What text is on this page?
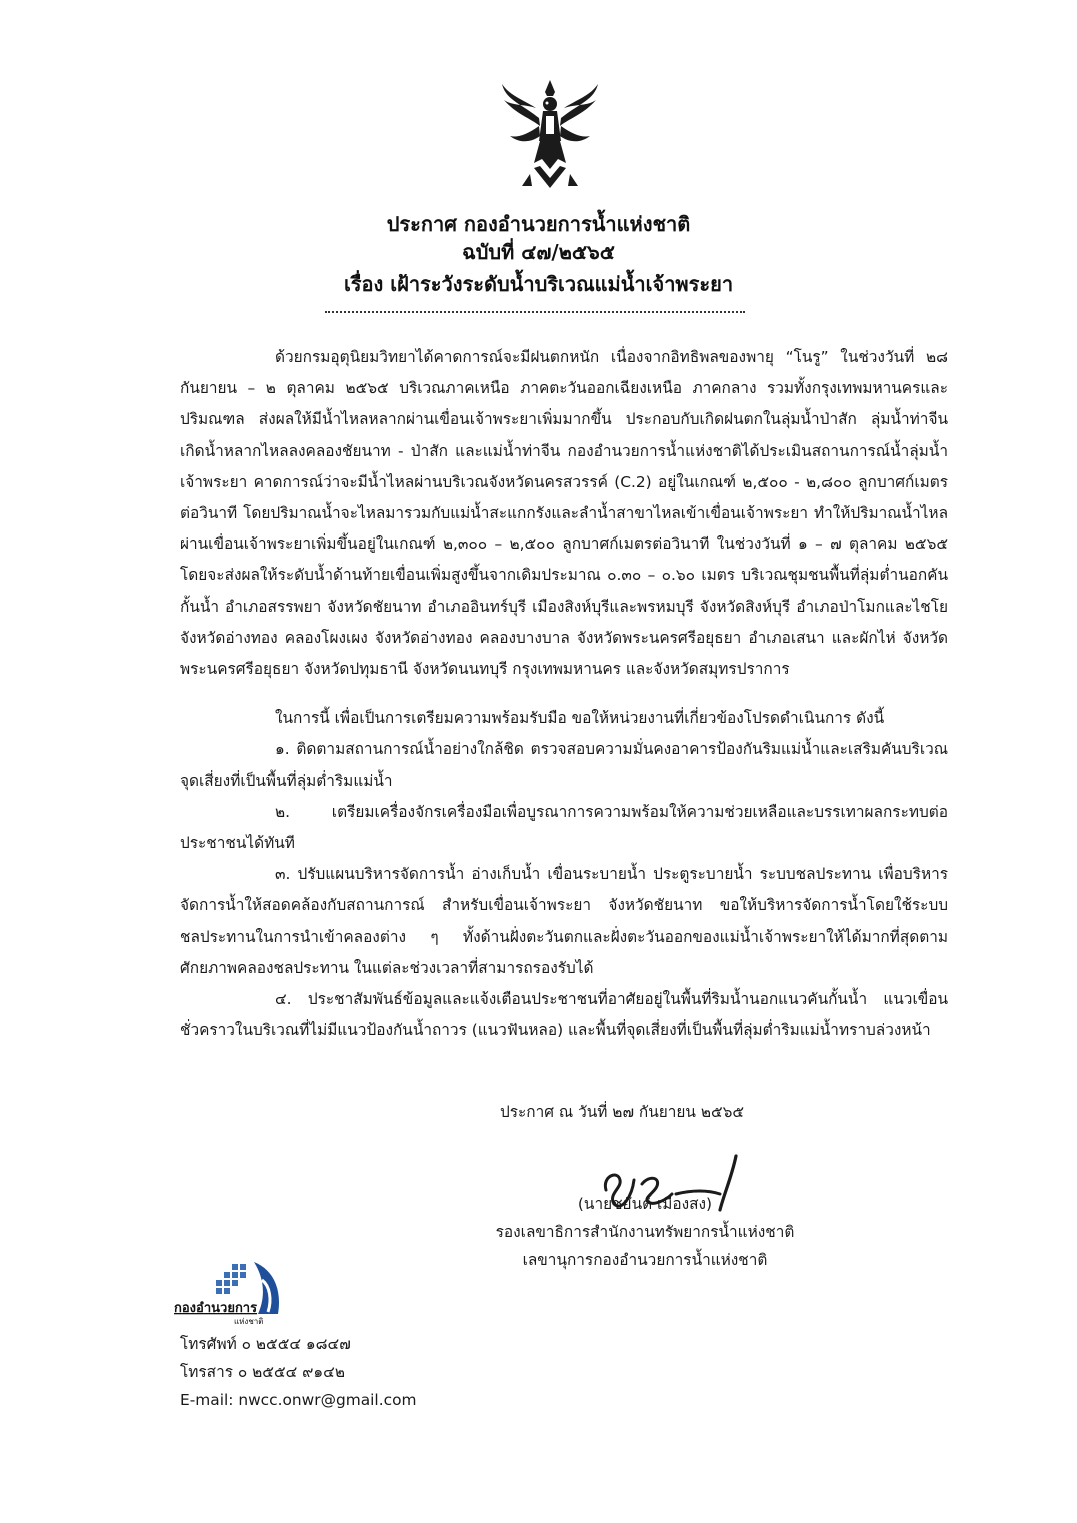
ประกาศ กองอำนวยการน้ำแห่งชาติ
ฉบับที่ ๔๗/๒๕๖๕
เรื่อง เฝ้าระวังระดับน้ำบริเวณแม่น้ำเจ้าพระยา

ด้วยกรมอุตุนิยมวิทยาได้คาดการณ์จะมีฝนตกหนัก เนื่องจากอิทธิพลของพายุ “โนรู” ในช่วงวันที่ ๒๘ กันยายน – ๒ ตุลาคม ๒๕๖๕ บริเวณภาคเหนือ ภาคตะวันออกเฉียงเหนือ ภาคกลาง รวมทั้งกรุงเทพมหานครและปริมณฑล ส่งผลให้มีน้ำไหลหลากผ่านเขื่อนเจ้าพระยาเพิ่มมากขึ้น ประกอบกับเกิดฝนตกในลุ่มน้ำป่าสัก ลุ่มน้ำท่าจีน เกิดน้ำหลากไหลลงคลองชัยนาท - ป่าสัก และแม่น้ำท่าจีน กองอำนวยการน้ำแห่งชาติได้ประเมินสถานการณ์น้ำลุ่มน้ำเจ้าพระยา คาดการณ์ว่าจะมีน้ำไหลผ่านบริเวณจังหวัดนครสวรรค์ (C.2) อยู่ในเกณฑ์ ๒,๕๐๐ - ๒,๘๐๐ ลูกบาศก์เมตรต่อวินาที โดยปริมาณน้ำจะไหลมารวมกับแม่น้ำสะแกกรังและลำน้ำสาขาไหลเข้าเขื่อนเจ้าพระยา ทำให้ปริมาณน้ำไหลผ่านเขื่อนเจ้าพระยาเพิ่มขึ้นอยู่ในเกณฑ์ ๒,๓๐๐ – ๒,๕๐๐ ลูกบาศก์เมตรต่อวินาที ในช่วงวันที่ ๑ – ๗ ตุลาคม ๒๕๖๕ โดยจะส่งผลให้ระดับน้ำด้านท้ายเขื่อนเพิ่มสูงขึ้นจากเดิมประมาณ ๐.๓๐ – ๐.๖๐ เมตร บริเวณชุมชนพื้นที่ลุ่มต่ำนอกคันกั้นน้ำ อำเภอสรรพยา จังหวัดชัยนาท อำเภออินทร์บุรี เมืองสิงห์บุรีและพรหมบุรี จังหวัดสิงห์บุรี อำเภอป่าโมกและไชโย จังหวัดอ่างทอง คลองโผงเผง จังหวัดอ่างทอง คลองบางบาล จังหวัดพระนครศรีอยุธยา อำเภอเสนา และผักไห่ จังหวัดพระนครศรีอยุธยา จังหวัดปทุมธานี จังหวัดนนทบุรี กรุงเทพมหานคร และจังหวัดสมุทรปราการ

ในการนี้ เพื่อเป็นการเตรียมความพร้อมรับมือ ขอให้หน่วยงานที่เกี่ยวข้องโปรดดำเนินการ ดังนี้

๑. ติดตามสถานการณ์น้ำอย่างใกล้ชิด ตรวจสอบความมั่นคงอาคารป้องกันริมแม่น้ำและเสริมคันบริเวณจุดเสี่ยงที่เป็นพื้นที่ลุ่มต่ำริมแม่น้ำ

๒. เตรียมเครื่องจักรเครื่องมือเพื่อบูรณาการความพร้อมให้ความช่วยเหลือและบรรเทาผลกระทบต่อประชาชนได้ทันที

๓. ปรับแผนบริหารจัดการน้ำ อ่างเก็บน้ำ เขื่อนระบายน้ำ ประตูระบายน้ำ ระบบชลประทาน เพื่อบริหารจัดการน้ำให้สอดคล้องกับสถานการณ์ สำหรับเขื่อนเจ้าพระยา จังหวัดชัยนาท ขอให้บริหารจัดการน้ำโดยใช้ระบบชลประทานในการนำเข้าคลองต่าง ๆ ทั้งด้านฝั่งตะวันตกและฝั่งตะวันออกของแม่น้ำเจ้าพระยาให้ได้มากที่สุดตามศักยภาพคลองชลประทาน ในแต่ละช่วงเวลาที่สามารถรองรับได้

๔. ประชาสัมพันธ์ข้อมูลและแจ้งเตือนประชาชนที่อาศัยอยู่ในพื้นที่ริมน้ำนอกแนวคันกั้นน้ำ แนวเขื่อนชั่วคราวในบริเวณที่ไม่มีแนวป้องกันน้ำถาวร (แนวฟันหลอ) และพื้นที่จุดเสี่ยงที่เป็นพื้นที่ลุ่มต่ำริมแม่น้ำทราบล่วงหน้า

ประกาศ ณ วันที่ ๒๗ กันยายน ๒๕๖๕
(นายชยันต์ เมืองสง)
รองเลขาธิการสำนักงานทรัพยากรน้ำแห่งชาติ
เลขานุการกองอำนวยการน้ำแห่งชาติ
กองอำนวยการ
แห่งชาติ
โทรศัพท์ ๐ ๒๕๕๔ ๑๘๔๗
โทรสาร ๐ ๒๕๕๔ ๙๑๔๒
E-mail: nwcc.onwr@gmail.com
